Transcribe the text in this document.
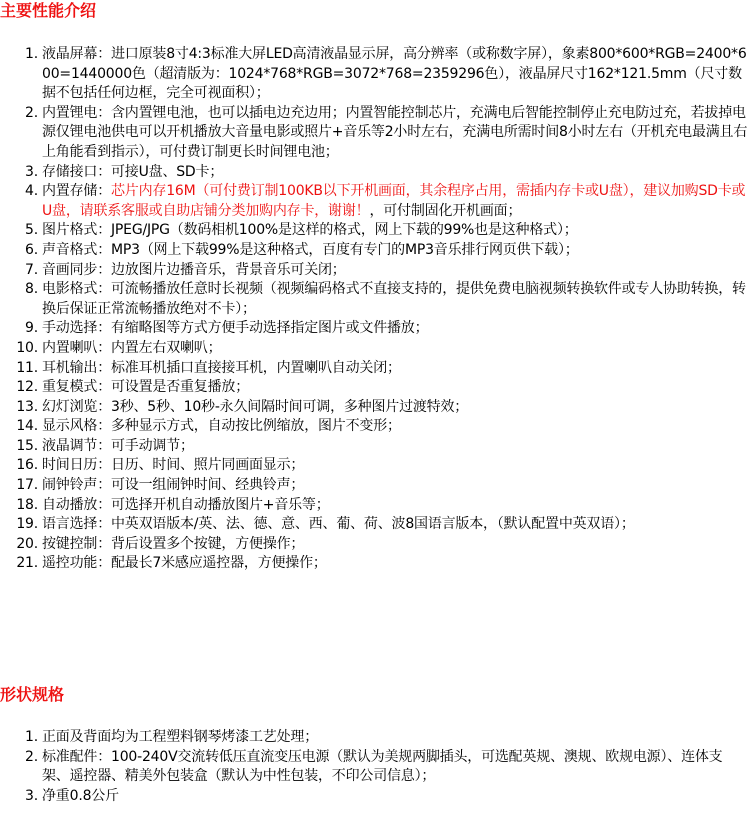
主要性能介绍
1. 液晶屏幕：进口原装8寸4:3标准大屏LED高清液晶显示屏，高分辨率（或称数字屏），象素800*600*RGB=2400*600=1440000色（超清版为：1024*768*RGB=3072*768=2359296色），液晶屏尺寸162*121.5mm（尺寸数据不包括任何边框，完全可视面积）；
2. 内置锂电：含内置锂电池，也可以插电边充边用；内置智能控制芯片，充满电后智能控制停止充电防过充，若拔掉电源仅锂电池供电可以开机播放大音量电影或照片+音乐等2小时左右，充满电所需时间8小时左右（开机充电最满且右上角能看到指示），可付费订制更长时间锂电池；
3. 存储接口：可接U盘、SD卡；
4. 内置存储：芯片内存16M（可付费订制100KB以下开机画面，其余程序占用，需插内存卡或U盘），建议加购SD卡或U盘，请联系客服或自助店铺分类加购内存卡，谢谢！，可付制固化开机画面；
5. 图片格式：JPEG/JPG（数码相机100%是这样的格式，网上下载的99%也是这种格式）；
6. 声音格式：MP3（网上下载99%是这种格式，百度有专门的MP3音乐排行网页供下载）；
7. 音画同步：边放图片边播音乐，背景音乐可关闭；
8. 电影格式：可流畅播放任意时长视频（视频编码格式不直接支持的，提供免费电脑视频转换软件或专人协助转换，转换后保证正常流畅播放绝对不卡）；
9. 手动选择：有缩略图等方式方便手动选择指定图片或文件播放；
10. 内置喇叭：内置左右双喇叭；
11. 耳机输出：标准耳机插口直接接耳机，内置喇叭自动关闭；
12. 重复模式：可设置是否重复播放；
13. 幻灯浏览：3秒、5秒、10秒-永久间隔时间可调，多种图片过渡特效；
14. 显示风格：多种显示方式，自动按比例缩放，图片不变形；
15. 液晶调节：可手动调节；
16. 时间日历：日历、时间、照片同画面显示；
17. 闹钟铃声：可设一组闹钟时间、经典铃声；
18. 自动播放：可选择开机自动播放图片+音乐等；
19. 语言选择：中英双语版本/英、法、德、意、西、葡、荷、波8国语言版本，（默认配置中英双语）；
20. 按键控制：背后设置多个按键，方便操作；
21. 遥控功能：配最长7米感应遥控器，方便操作；
形状规格
1. 正面及背面均为工程塑料钢琴烤漆工艺处理；
2. 标准配件：100-240V交流转低压直流变压电源（默认为美规两脚插头，可选配英规、澳规、欧规电源）、连体支架、遥控器、精美外包装盒（默认为中性包装，不印公司信息）；
3. 净重0.8公斤
